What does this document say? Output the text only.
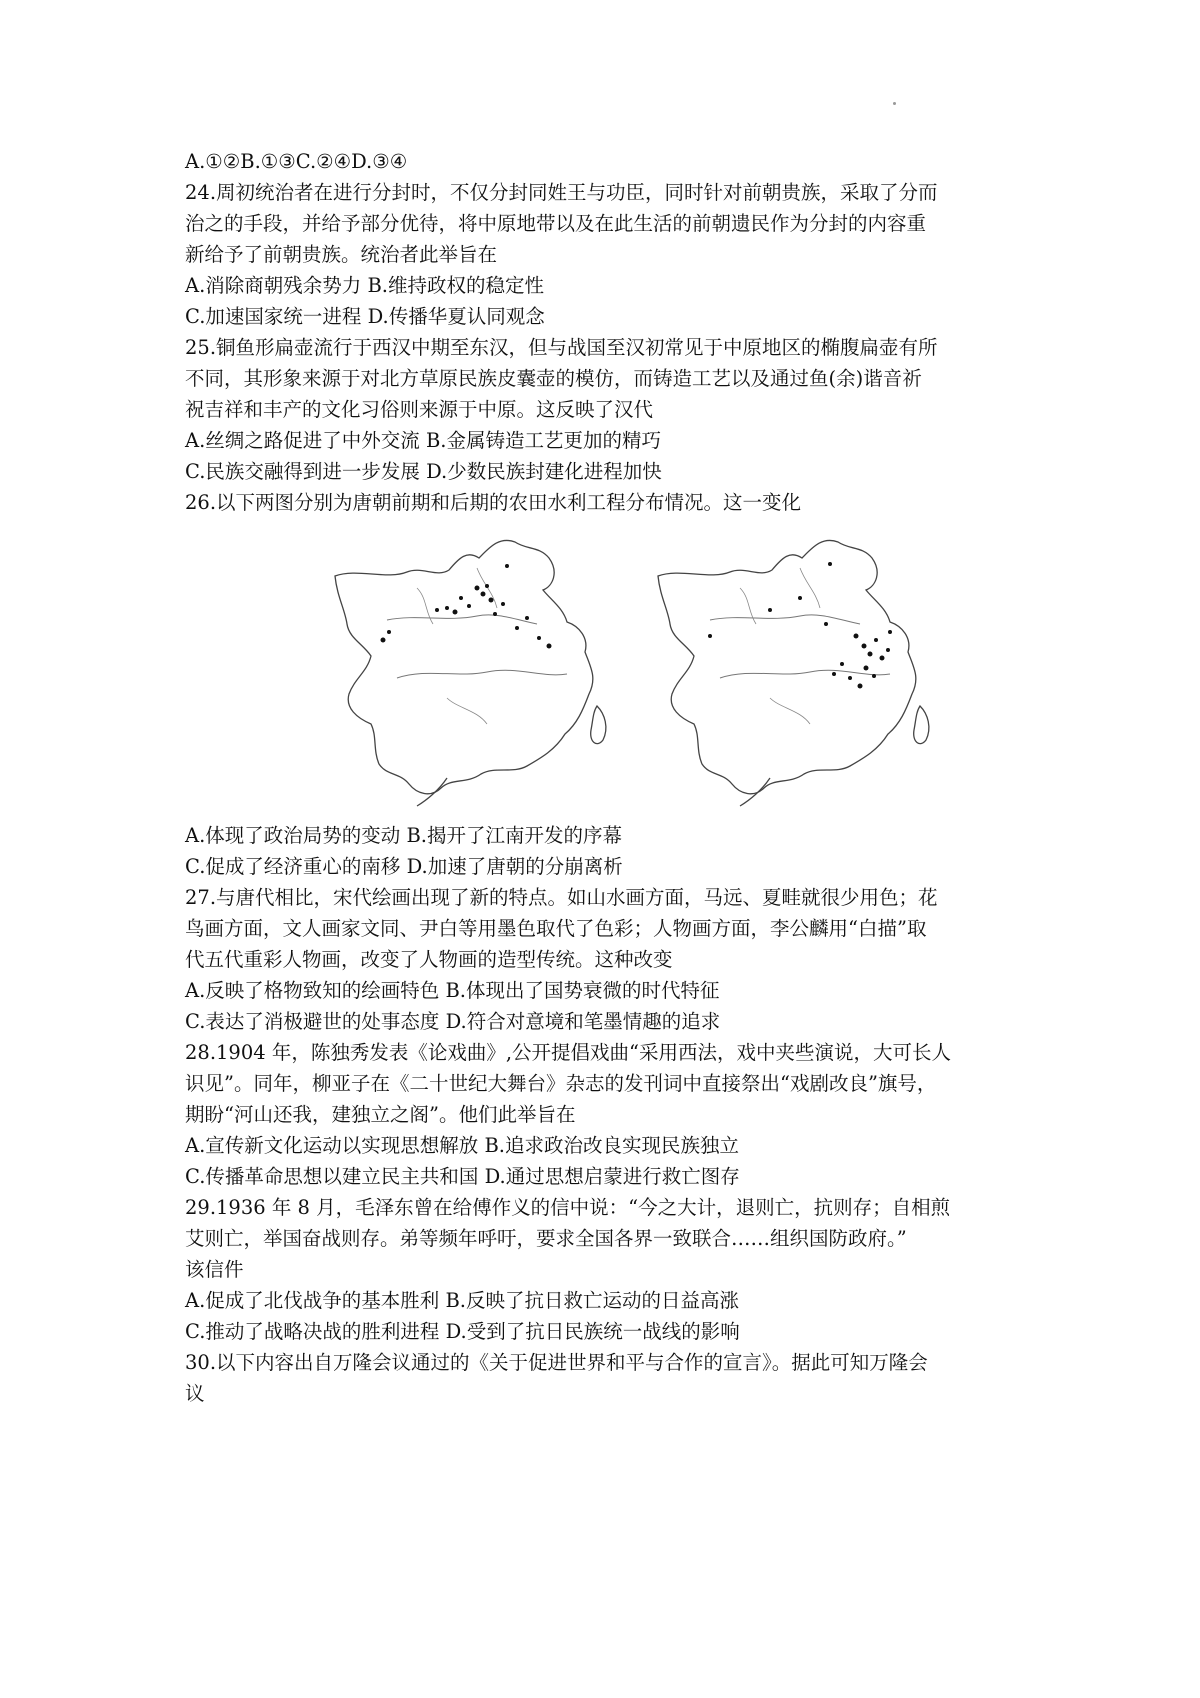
A.①②B.①③C.②④D.③④
24.周初统治者在进行分封时，不仅分封同姓王与功臣，同时针对前朝贵族，采取了分而
治之的手段，并给予部分优待，将中原地带以及在此生活的前朝遗民作为分封的内容重
新给予了前朝贵族。统治者此举旨在
A.消除商朝残余势力 B.维持政权的稳定性
C.加速国家统一进程 D.传播华夏认同观念
25.铜鱼形扁壶流行于西汉中期至东汉，但与战国至汉初常见于中原地区的椭腹扁壶有所
不同，其形象来源于对北方草原民族皮囊壶的模仿，而铸造工艺以及通过鱼(余)谐音祈
祝吉祥和丰产的文化习俗则来源于中原。这反映了汉代
A.丝绸之路促进了中外交流 B.金属铸造工艺更加的精巧
C.民族交融得到进一步发展 D.少数民族封建化进程加快
26.以下两图分别为唐朝前期和后期的农田水利工程分布情况。这一变化
A.体现了政治局势的变动 B.揭开了江南开发的序幕
C.促成了经济重心的南移 D.加速了唐朝的分崩离析
27.与唐代相比，宋代绘画出现了新的特点。如山水画方面，马远、夏畦就很少用色；花
鸟画方面，文人画家文同、尹白等用墨色取代了色彩；人物画方面，李公麟用“白描”取
代五代重彩人物画，改变了人物画的造型传统。这种改变
A.反映了格物致知的绘画特色 B.体现出了国势衰微的时代特征
C.表达了消极避世的处事态度 D.符合对意境和笔墨情趣的追求
28.1904 年，陈独秀发表《论戏曲》,公开提倡戏曲“采用西法，戏中夹些演说，大可长人
识见”。同年，柳亚子在《二十世纪大舞台》杂志的发刊词中直接祭出“戏剧改良”旗号，
期盼“河山还我，建独立之阁”。他们此举旨在
A.宣传新文化运动以实现思想解放 B.追求政治改良实现民族独立
C.传播革命思想以建立民主共和国 D.通过思想启蒙进行救亡图存
29.1936 年 8 月，毛泽东曾在给傅作义的信中说：“今之大计，退则亡，抗则存；自相煎
艾则亡，举国奋战则存。弟等频年呼吁，要求全国各界一致联合……组织国防政府。”
该信件
A.促成了北伐战争的基本胜利 B.反映了抗日救亡运动的日益高涨
C.推动了战略决战的胜利进程 D.受到了抗日民族统一战线的影响
30.以下内容出自万隆会议通过的《关于促进世界和平与合作的宣言》。据此可知万隆会
议
